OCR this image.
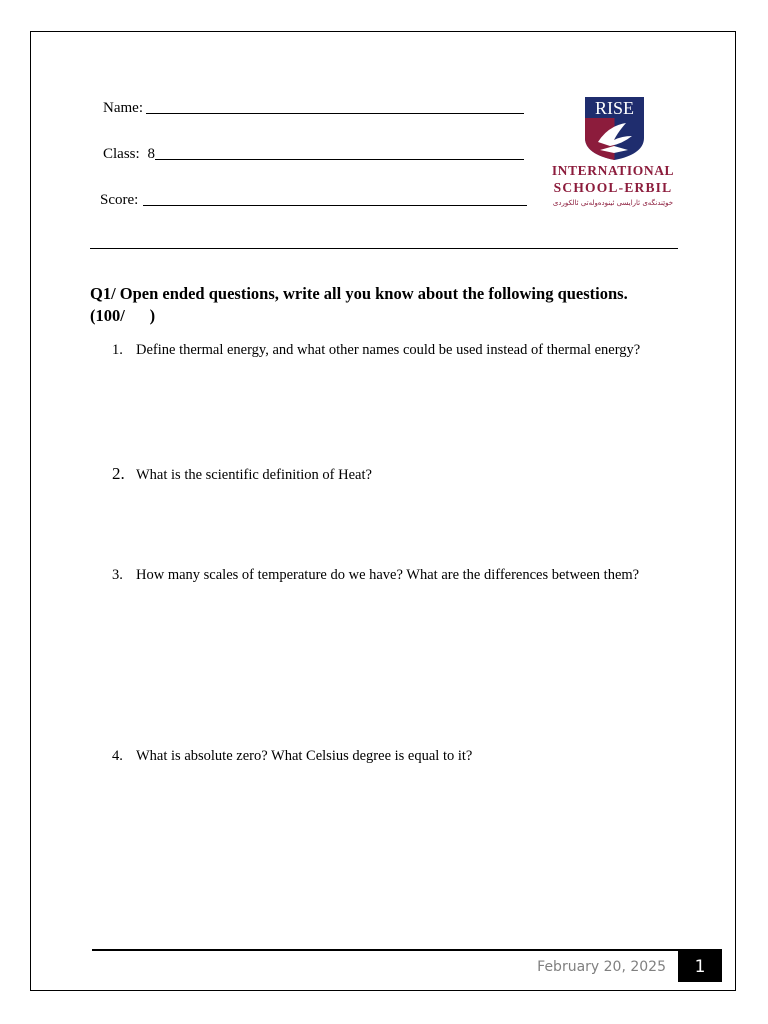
Name:
Class: 8
Score:
RISE
INTERNATIONAL
SCHOOL-ERBIL
خوێندنگەی ئارایسی ئینودەولەتی ئالکوردی
Q1/ Open ended questions, write all you know about the following questions.
(100/      )
1. Define thermal energy, and what other names could be used instead of thermal energy?
2. What is the scientific definition of Heat?
3. How many scales of temperature do we have? What are the differences between them?
4. What is absolute zero? What Celsius degree is equal to it?
February 20, 2025	1
